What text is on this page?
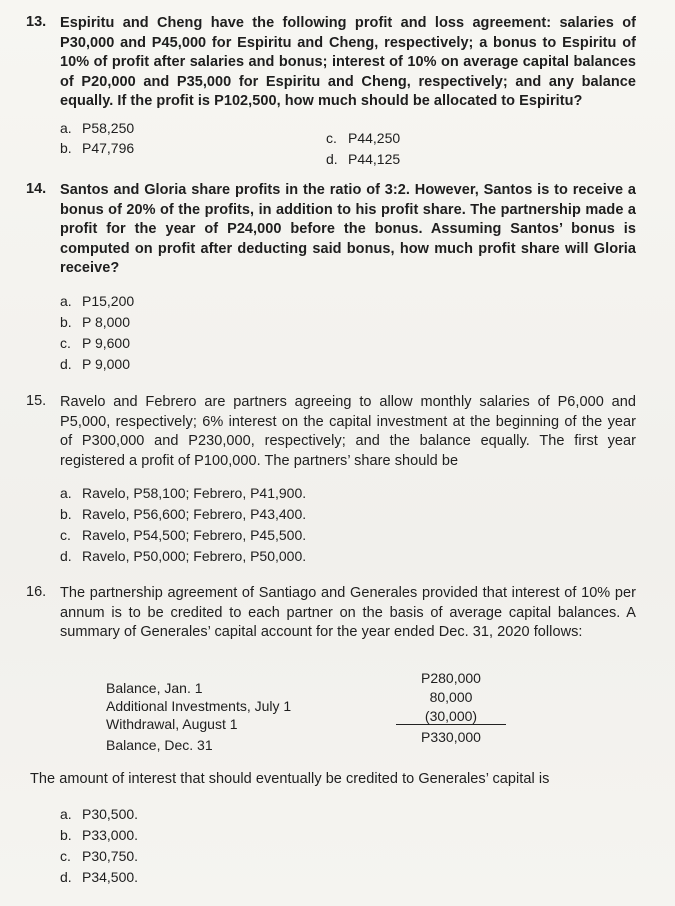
13. Espiritu and Cheng have the following profit and loss agreement: salaries of P30,000 and P45,000 for Espiritu and Cheng, respectively; a bonus to Espiritu of 10% of profit after salaries and bonus; interest of 10% on average capital balances of P20,000 and P35,000 for Espiritu and Cheng, respectively; and any balance equally. If the profit is P102,500, how much should be allocated to Espiritu?
a. P58,250
b. P47,796
c. P44,250
d. P44,125
14. Santos and Gloria share profits in the ratio of 3:2. However, Santos is to receive a bonus of 20% of the profits, in addition to his profit share. The partnership made a profit for the year of P24,000 before the bonus. Assuming Santos’ bonus is computed on profit after deducting said bonus, how much profit share will Gloria receive?
a. P15,200
b. P 8,000
c. P 9,600
d. P 9,000
15. Ravelo and Febrero are partners agreeing to allow monthly salaries of P6,000 and P5,000, respectively; 6% interest on the capital investment at the beginning of the year of P300,000 and P230,000, respectively; and the balance equally. The first year registered a profit of P100,000. The partners’ share should be
a. Ravelo, P58,100; Febrero, P41,900.
b. Ravelo, P56,600; Febrero, P43,400.
c. Ravelo, P54,500; Febrero, P45,500.
d. Ravelo, P50,000; Febrero, P50,000.
16. The partnership agreement of Santiago and Generales provided that interest of 10% per annum is to be credited to each partner on the basis of average capital balances. A summary of Generales’ capital account for the year ended Dec. 31, 2020 follows:
Balance, Jan. 1
Additional Investments, July 1
Withdrawal, August 1
Balance, Dec. 31
P280,000
80,000
(30,000)
P330,000
The amount of interest that should eventually be credited to Generales’ capital is
a. P30,500.
b. P33,000.
c. P30,750.
d. P34,500.
